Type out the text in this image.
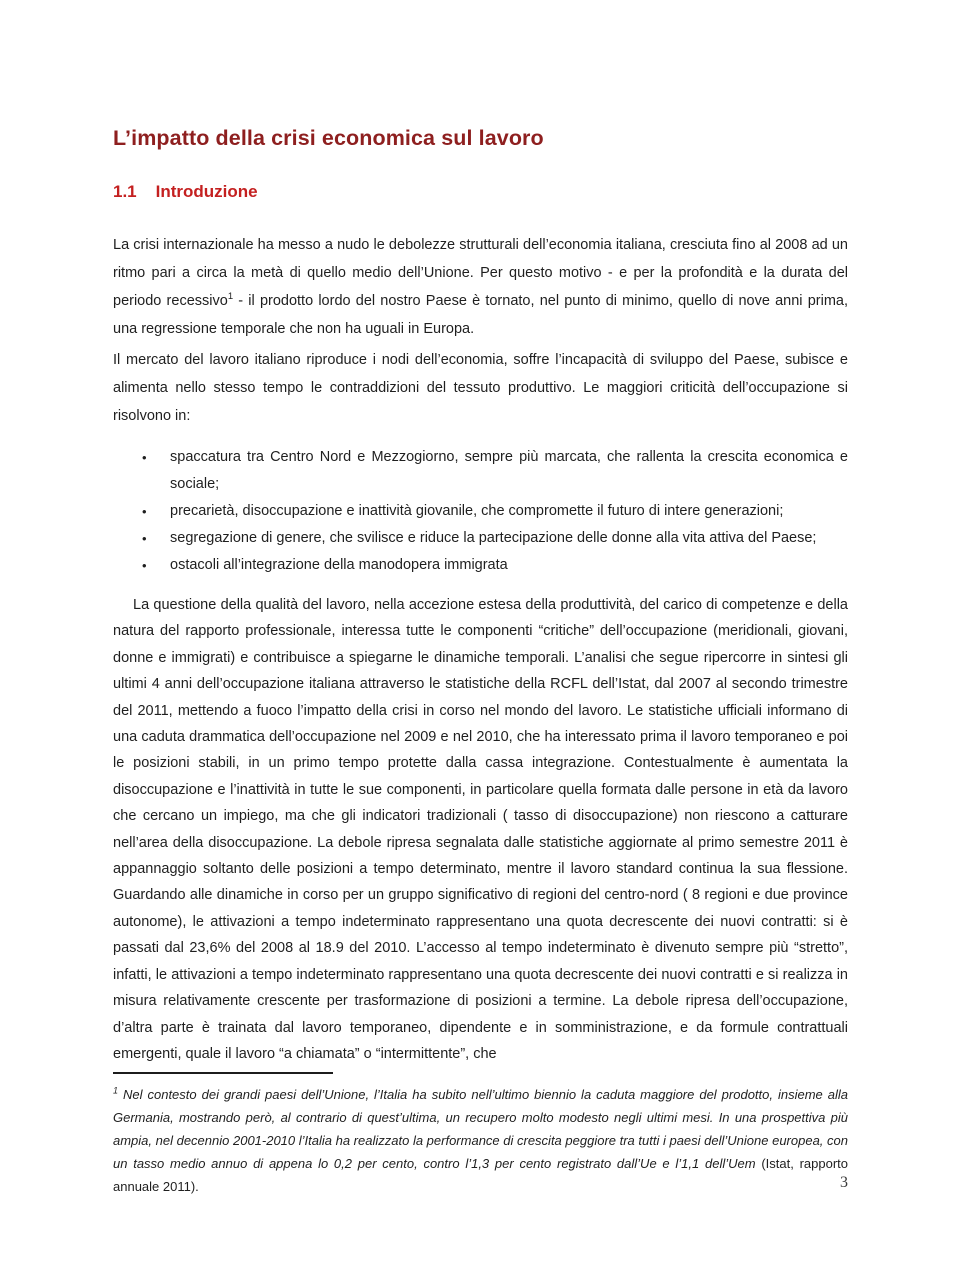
L’impatto della crisi economica sul lavoro
1.1 Introduzione

La crisi internazionale ha messo a nudo le debolezze strutturali dell’economia italiana, cresciuta fino al 2008 ad un ritmo pari a circa la metà di quello medio dell’Unione. Per questo motivo - e per la profondità e la durata del periodo recessivo$^1$ - il prodotto lordo del nostro Paese è tornato, nel punto di minimo, quello di nove anni prima, una regressione temporale che non ha uguali in Europa.

Il mercato del lavoro italiano riproduce i nodi dell’economia, soffre l’incapacità di sviluppo del Paese, subisce e alimenta nello stesso tempo le contraddizioni del tessuto produttivo. Le maggiori criticità dell’occupazione si risolvono in:

• spaccatura tra Centro Nord e Mezzogiorno, sempre più marcata, che rallenta la crescita economica e sociale;
• precarietà, disoccupazione e inattività giovanile, che compromette il futuro di intere generazioni;
• segregazione di genere, che svilisce e riduce la partecipazione delle donne alla vita attiva del Paese;
• ostacoli all’integrazione della manodopera immigrata

La questione della qualità del lavoro, nella accezione estesa della produttività, del carico di competenze e della natura del rapporto professionale, interessa tutte le componenti “critiche” dell’occupazione (meridionali, giovani, donne e immigrati) e contribuisce a spiegarne le dinamiche temporali. L’analisi che segue ripercorre in sintesi gli ultimi 4 anni dell’occupazione italiana attraverso le statistiche della RCFL dell’Istat, dal 2007 al secondo trimestre del 2011, mettendo a fuoco l’impatto della crisi in corso nel mondo del lavoro. Le statistiche ufficiali informano di una caduta drammatica dell’occupazione nel 2009 e nel 2010, che ha interessato prima il lavoro temporaneo e poi le posizioni stabili, in un primo tempo protette dalla cassa integrazione. Contestualmente è aumentata la disoccupazione e l’inattività in tutte le sue componenti, in particolare quella formata dalle persone in età da lavoro che cercano un impiego, ma che gli indicatori tradizionali ( tasso di disoccupazione) non riescono a catturare nell’area della disoccupazione. La debole ripresa segnalata dalle statistiche aggiornate al primo semestre 2011 è appannaggio soltanto delle posizioni a tempo determinato, mentre il lavoro standard continua la sua flessione. Guardando alle dinamiche in corso per un gruppo significativo di regioni del centro-nord ( 8 regioni e due province autonome), le attivazioni a tempo indeterminato rappresentano una quota decrescente dei nuovi contratti: si è passati dal 23,6% del 2008 al 18.9 del 2010. L’accesso al tempo indeterminato è divenuto sempre più “stretto”, infatti, le attivazioni a tempo indeterminato rappresentano una quota decrescente dei nuovi contratti e si realizza in misura relativamente crescente per trasformazione di posizioni a termine. La debole ripresa dell’occupazione, d’altra parte è trainata dal lavoro temporaneo, dipendente e in somministrazione, e da formule contrattuali emergenti, quale il lavoro “a chiamata” o “intermittente”, che

$^1$ Nel contesto dei grandi paesi dell’Unione, l’Italia ha subito nell’ultimo biennio la caduta maggiore del prodotto, insieme alla Germania, mostrando però, al contrario di quest’ultima, un recupero molto modesto negli ultimi mesi. In una prospettiva più ampia, nel decennio 2001-2010 l’Italia ha realizzato la performance di crescita peggiore tra tutti i paesi dell’Unione europea, con un tasso medio annuo di appena lo 0,2 per cento, contro l’1,3 per cento registrato dall’Ue e l’1,1 dell’Uem (Istat, rapporto annuale 2011).	3
